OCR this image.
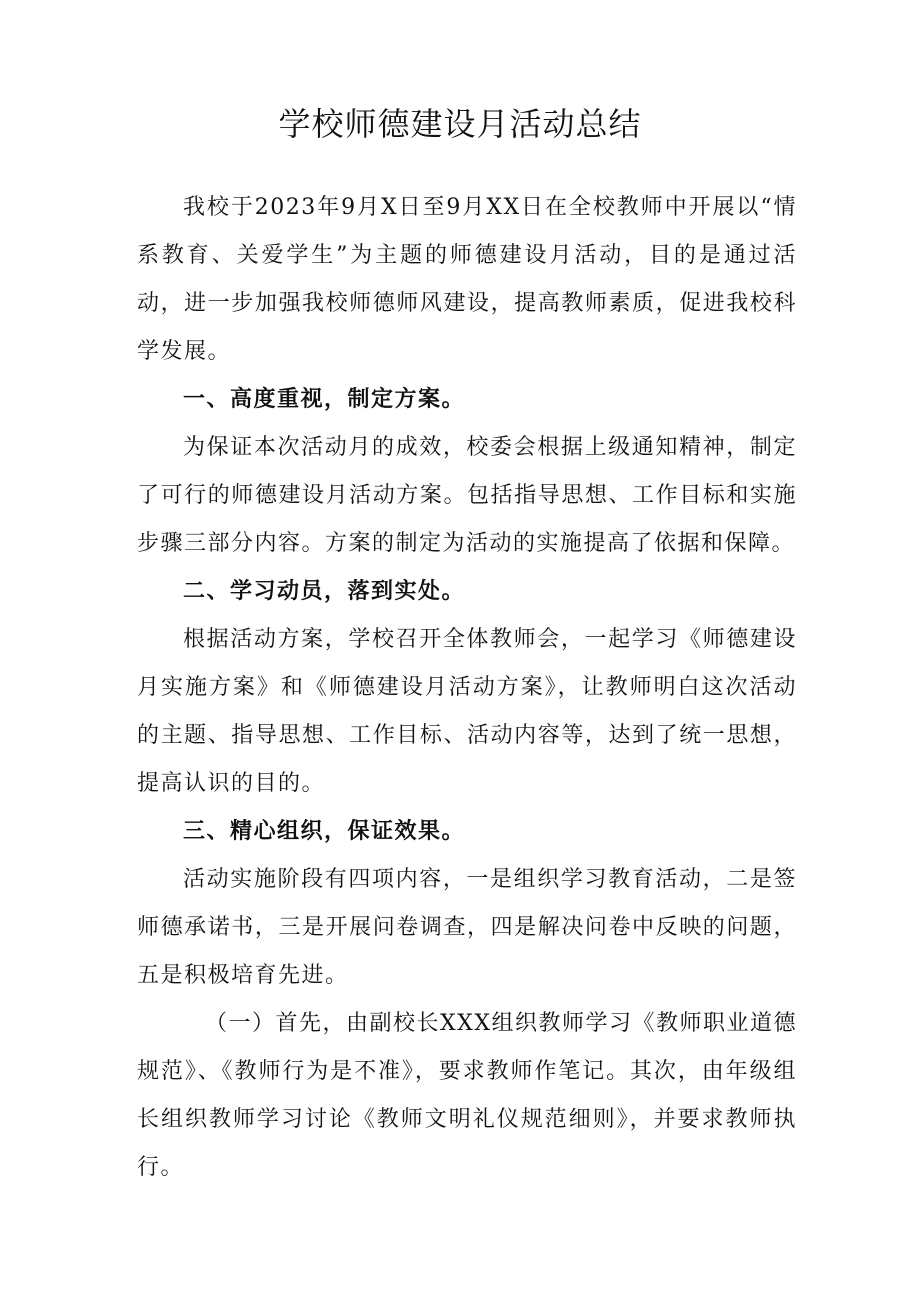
学校师德建设月活动总结

我校于2023年9月X日至9月XX日在全校教师中开展以“情系教育、关爱学生”为主题的师德建设月活动，目的是通过活动，进一步加强我校师德师风建设，提高教师素质，促进我校科学发展。

一、高度重视，制定方案。

为保证本次活动月的成效，校委会根据上级通知精神，制定了可行的师德建设月活动方案。包括指导思想、工作目标和实施步骤三部分内容。方案的制定为活动的实施提高了依据和保障。

二、学习动员，落到实处。

根据活动方案，学校召开全体教师会，一起学习《师德建设月实施方案》和《师德建设月活动方案》，让教师明白这次活动的主题、指导思想、工作目标、活动内容等，达到了统一思想，提高认识的目的。

三、精心组织，保证效果。

活动实施阶段有四项内容，一是组织学习教育活动，二是签师德承诺书，三是开展问卷调查，四是解决问卷中反映的问题，五是积极培育先进。

（一）首先，由副校长XXX组织教师学习《教师职业道德规范》、《教师行为是不准》，要求教师作笔记。其次，由年级组长组织教师学习讨论《教师文明礼仪规范细则》，并要求教师执行。
